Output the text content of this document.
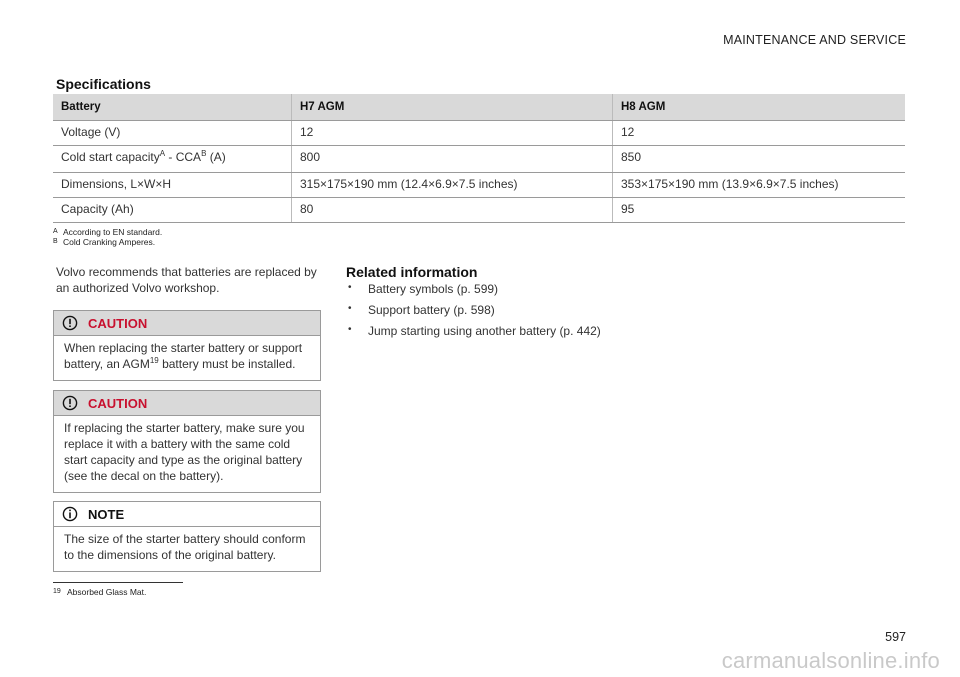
MAINTENANCE AND SERVICE
Specifications
Battery	H7 AGM	H8 AGM
Voltage (V)	12	12
Cold start capacity$^A$ - $CCA^B$ (A)	800	850
Dimensions, L×W×H	315×175×190 mm (12.4×6.9×7.5 inches)	353×175×190 mm (13.9×6.9×7.5 inches)
Capacity (Ah)	80	95
A According to EN standard.
B Cold Cranking Amperes.
Volvo recommends that batteries are replaced by an authorized Volvo workshop.
CAUTION
When replacing the starter battery or support battery, an AGM$^{19}$ battery must be installed.
CAUTION
If replacing the starter battery, make sure you replace it with a battery with the same cold start capacity and type as the original battery (see the decal on the battery).
NOTE
The size of the starter battery should conform to the dimensions of the original battery.
Related information
• Battery symbols (p. 599)
• Support battery (p. 598)
• Jump starting using another battery (p. 442)
19 Absorbed Glass Mat.
597
carmanualsonline.info
